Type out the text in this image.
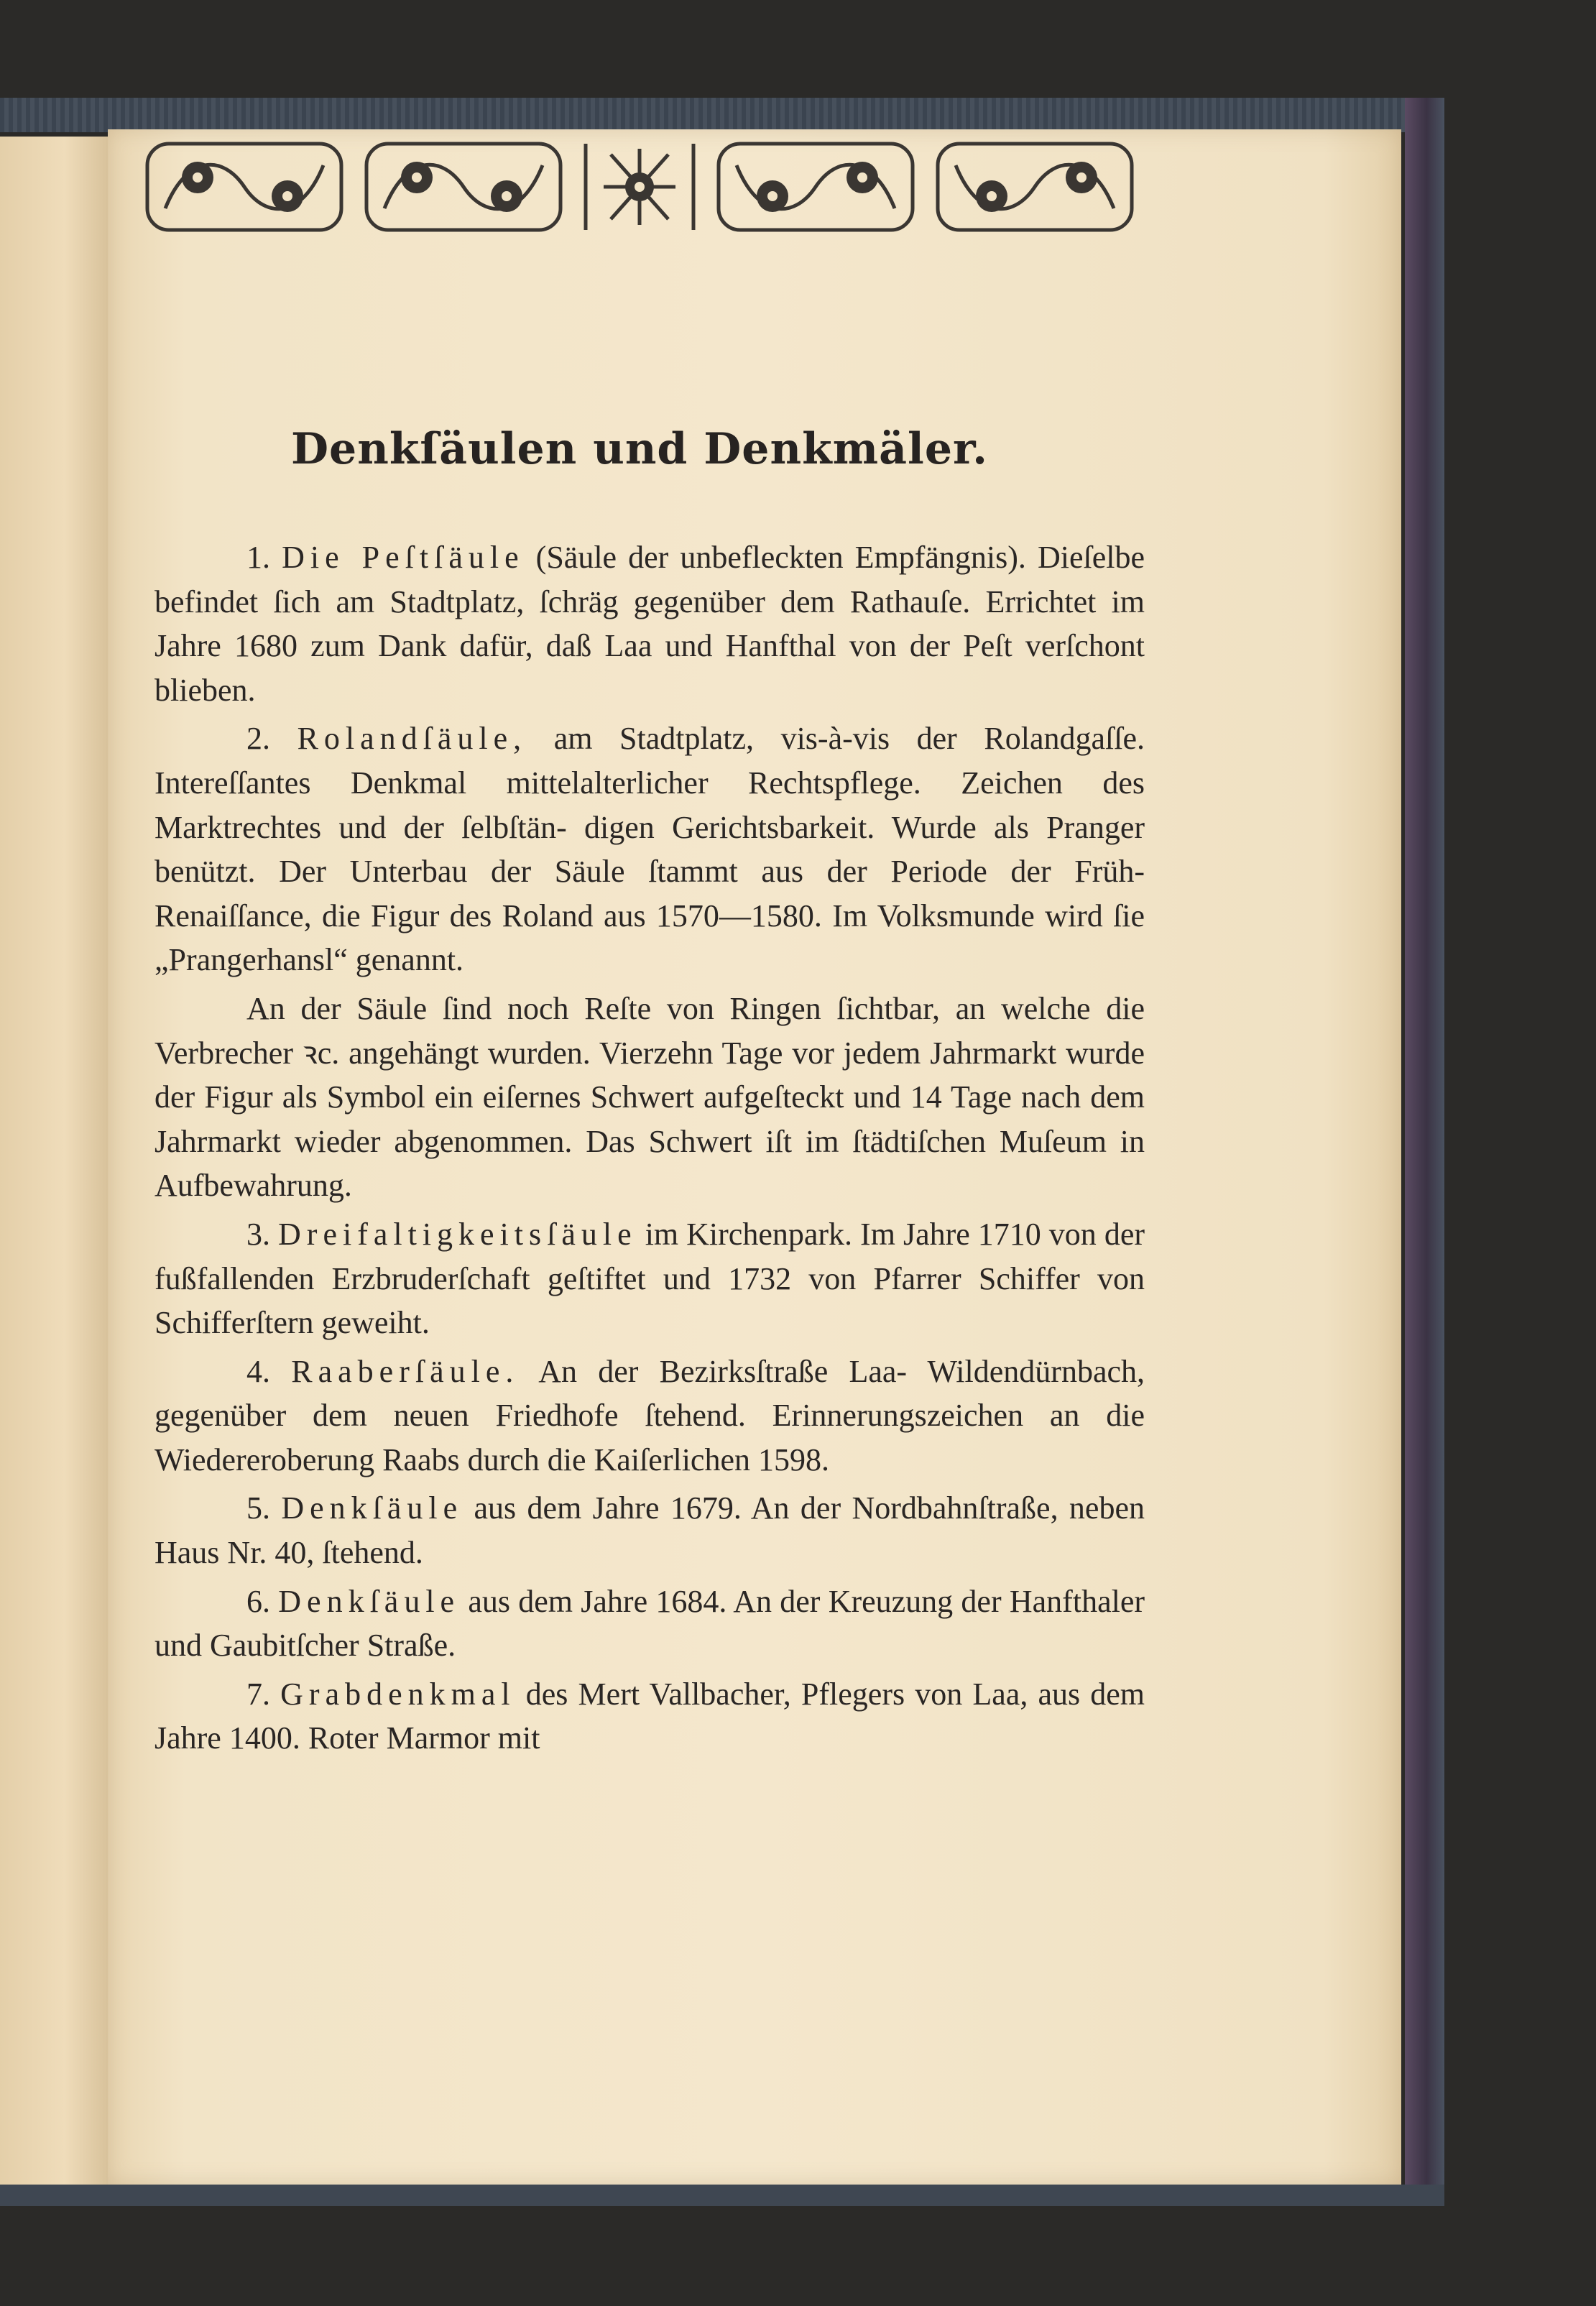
Denkſäulen und Denkmäler.

1. Die Peſtſäule (Säule der unbefleckten Empfängnis). Dieſelbe befindet ſich am Stadtplatz, ſchräg gegenüber dem Rathauſe. Errichtet im Jahre 1680 zum Dank dafür, daß Laa und Hanfthal von der Peſt verſchont blieben.

2. Rolandſäule, am Stadtplatz, vis-à-vis der Rolandgaſſe. Intereſſantes Denkmal mittelalterlicher Rechtspflege. Zeichen des Marktrechtes und der ſelbſtän- digen Gerichtsbarkeit. Wurde als Pranger benützt. Der Unterbau der Säule ſtammt aus der Periode der Früh- Renaiſſance, die Figur des Roland aus 1570—1580. Im Volksmunde wird ſie „Prangerhansl“ genannt.

An der Säule ſind noch Reſte von Ringen ſichtbar, an welche die Verbrecher ꝛc. angehängt wurden. Vierzehn Tage vor jedem Jahrmarkt wurde der Figur als Symbol ein eiſernes Schwert aufgeſteckt und 14 Tage nach dem Jahrmarkt wieder abgenommen. Das Schwert iſt im ſtädtiſchen Muſeum in Aufbewahrung.

3. Dreifaltigkeitsſäule im Kirchenpark. Im Jahre 1710 von der fußfallenden Erzbruderſchaft geſtiftet und 1732 von Pfarrer Schiffer von Schifferſtern geweiht.

4. Raaberſäule. An der Bezirksſtraße Laa- Wildendürnbach, gegenüber dem neuen Friedhofe ſtehend. Erinnerungszeichen an die Wiedereroberung Raabs durch die Kaiſerlichen 1598.

5. Denkſäule aus dem Jahre 1679. An der Nordbahnſtraße, neben Haus Nr. 40, ſtehend.

6. Denkſäule aus dem Jahre 1684. An der Kreuzung der Hanfthaler und Gaubitſcher Straße.

7. Grabdenkmal des Mert Vallbacher, Pflegers von Laa, aus dem Jahre 1400. Roter Marmor mit
